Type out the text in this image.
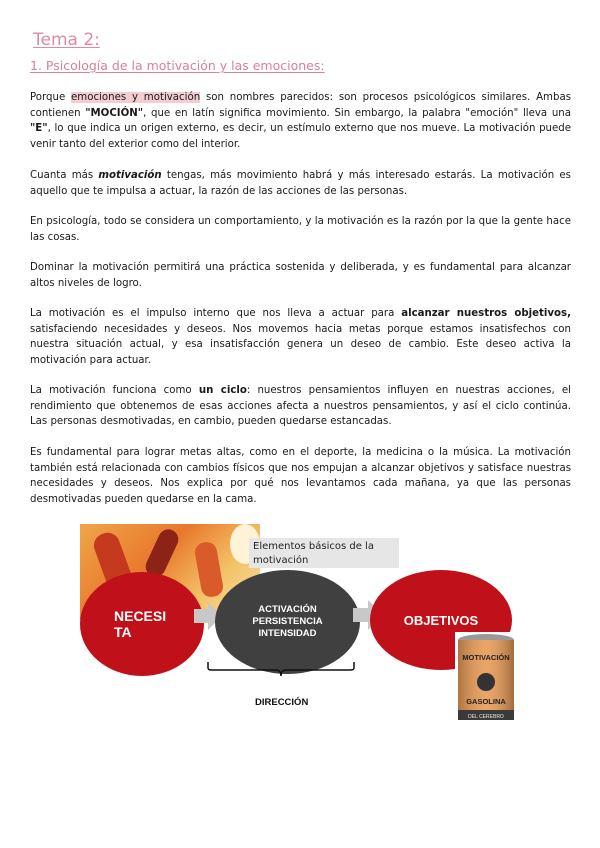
Tema 2:
1. Psicología de la motivación y las emociones:
Porque emociones y motivación son nombres parecidos: son procesos psicológicos similares. Ambas contienen "MOCIÓN", que en latín significa movimiento. Sin embargo, la palabra "emoción" lleva una "E", lo que indica un origen externo, es decir, un estímulo externo que nos mueve. La motivación puede venir tanto del exterior como del interior.
Cuanta más motivación tengas, más movimiento habrá y más interesado estarás. La motivación es aquello que te impulsa a actuar, la razón de las acciones de las personas.
En psicología, todo se considera un comportamiento, y la motivación es la razón por la que la gente hace las cosas.
Dominar la motivación permitirá una práctica sostenida y deliberada, y es fundamental para alcanzar altos niveles de logro.
La motivación es el impulso interno que nos lleva a actuar para alcanzar nuestros objetivos, satisfaciendo necesidades y deseos. Nos movemos hacia metas porque estamos insatisfechos con nuestra situación actual, y esa insatisfacción genera un deseo de cambio. Este deseo activa la motivación para actuar.
La motivación funciona como un ciclo: nuestros pensamientos influyen en nuestras acciones, el rendimiento que obtenemos de esas acciones afecta a nuestros pensamientos, y así el ciclo continúa. Las personas desmotivadas, en cambio, pueden quedarse estancadas.
Es fundamental para lograr metas altas, como en el deporte, la medicina o la música. La motivación también está relacionada con cambios físicos que nos empujan a alcanzar objetivos y satisface nuestras necesidades y deseos. Nos explica por qué nos levantamos cada mañana, ya que las personas desmotivadas pueden quedarse en la cama.
Elementos básicos de la motivación
NECESI
TA
ACTIVACIÓN
PERSISTENCIA
INTENSIDAD
OBJETIVOS
DIRECCIÓN
MOTIVACIÓN
GASOLINA
DEL CEREBRO
